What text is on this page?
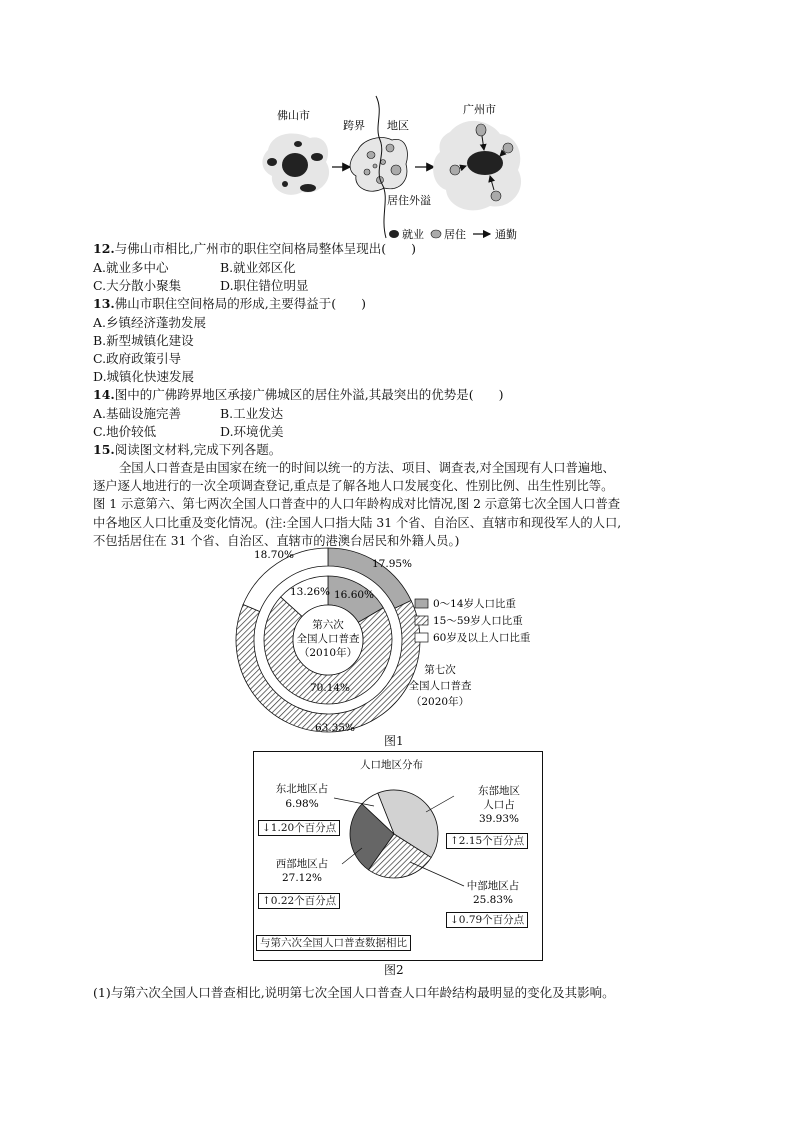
佛山市
跨界 地区
居住外溢
广州市
就业 居住	通勤
12.与佛山市相比,广州市的职住空间格局整体呈现出(　　)
A.就业多中心	B.就业郊区化
C.大分散小聚集	D.职住错位明显
13.佛山市职住空间格局的形成,主要得益于(　　)
A.乡镇经济蓬勃发展
B.新型城镇化建设
C.政府政策引导
D.城镇化快速发展
14.图中的广佛跨界地区承接广佛城区的居住外溢,其最突出的优势是(　　)
A.基础设施完善	B.工业发达
C.地价较低	D.环境优美
15.阅读图文材料,完成下列各题。
全国人口普查是由国家在统一的时间以统一的方法、项目、调查表,对全国现有人口普遍地、
逐户逐人地进行的一次全项调查登记,重点是了解各地人口发展变化、性别比例、出生性别比等。
图 1 示意第六、第七两次全国人口普查中的人口年龄构成对比情况,图 2 示意第七次全国人口普查
中各地区人口比重及变化情况。(注:全国人口指大陆 31 个省、自治区、直辖市和现役军人的人口,
不包括居住在 31 个省、自治区、直辖市的港澳台居民和外籍人员。)
17.95%
18.70%
63.35%
16.60%
13.26%
70.14%
第六次
全国人口普查
（2010年）
0～14岁人口比重
15～59岁人口比重
60岁及以上人口比重
第七次
全国人口普查
（2020年）
图1
人口地区分布
东部地区
人口占
39.93%
中部地区占
25.83%
西部地区占
27.12%
东北地区占
6.98%
↑2.15个百分点
↓0.79个百分点
↑0.22个百分点
↓1.20个百分点
与第六次全国人口普查数据相比
图2
(1)与第六次全国人口普查相比,说明第七次全国人口普查人口年龄结构最明显的变化及其影响。
